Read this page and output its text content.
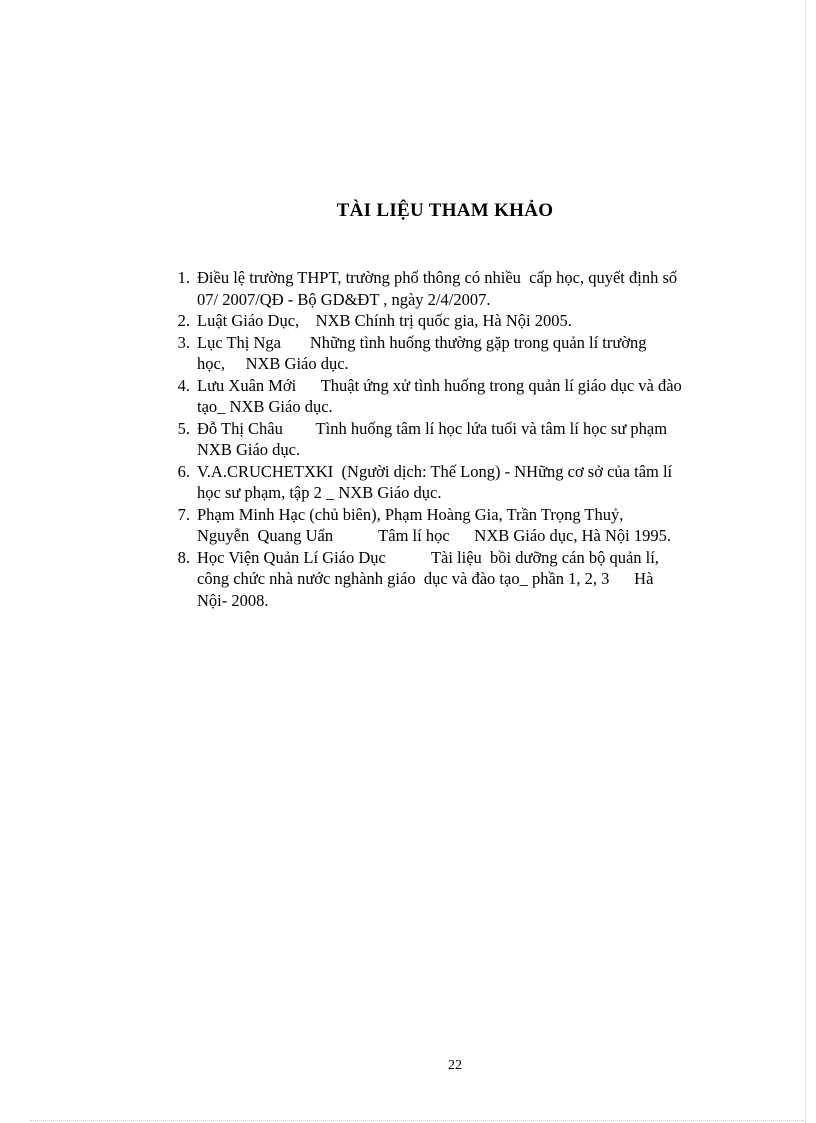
TÀI LIỆU THAM KHẢO
1. Điều lệ trường THPT, trường phổ thông có nhiều  cấp học, quyết định số
07/ 2007/QĐ - Bộ GD&ĐT , ngày 2/4/2007.
2. Luật Giáo Dục,    NXB Chính trị quốc gia, Hà Nội 2005.
3. Lục Thị Nga       Những tình huống thường gặp trong quản lí trường
học,     NXB Giáo dục.
4. Lưu Xuân Mới      Thuật ứng xử tình huống trong quản lí giáo dục và đào
tạo_ NXB Giáo dục.
5. Đỗ Thị Châu        Tình huống tâm lí học lứa tuổi và tâm lí học sư phạm
NXB Giáo dục.
6. V.A.CRUCHETXKI  (Người dịch: Thế Long) - NHững cơ sở của tâm lí
học sư phạm, tập 2 _ NXB Giáo dục.
7. Phạm Minh Hạc (chủ biên), Phạm Hoàng Gia, Trần Trọng Thuỷ,
Nguyễn  Quang Uẩn           Tâm lí học      NXB Giáo dục, Hà Nội 1995.
8. Học Viện Quản Lí Giáo Dục           Tài liệu  bồi dưỡng cán bộ quản lí,
công chức nhà nước nghành giáo  dục và đào tạo_ phần 1, 2, 3      Hà
Nội- 2008.
22
